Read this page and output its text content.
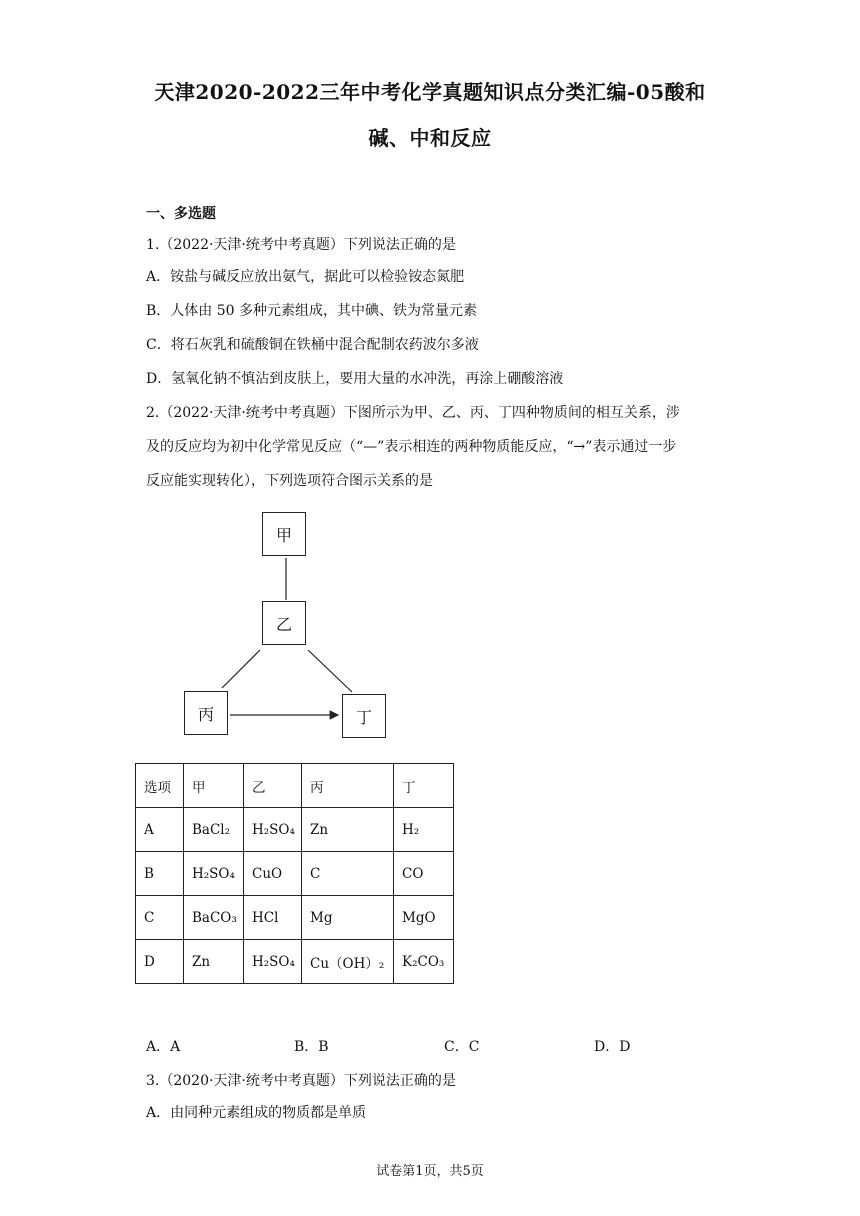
天津2020-2022三年中考化学真题知识点分类汇编-05酸和
碱、中和反应
一、多选题
1.（2022·天津·统考中考真题）下列说法正确的是
A．铵盐与碱反应放出氨气，据此可以检验铵态氮肥
B．人体由 50 多种元素组成，其中碘、铁为常量元素
C．将石灰乳和硫酸铜在铁桶中混合配制农药波尔多液
D．氢氧化钠不慎沾到皮肤上，要用大量的水冲洗，再涂上硼酸溶液
2.（2022·天津·统考中考真题）下图所示为甲、乙、丙、丁四种物质间的相互关系，涉
及的反应均为初中化学常见反应（“—”表示相连的两种物质能反应，“→”表示通过一步
反应能实现转化），下列选项符合图示关系的是
甲
乙
丙	丁
选项	甲	乙	丙	丁
A	BaCl₂	H₂SO₄	Zn	H₂
B	H₂SO₄	CuO	C	CO
C	BaCO₃	HCl	Mg	MgO
D	Zn	H₂SO₄	Cu（OH）₂	K₂CO₃
A．A	B．B	C．C	D．D
3.（2020·天津·统考中考真题）下列说法正确的是
A．由同种元素组成的物质都是单质
试卷第1页，共5页
